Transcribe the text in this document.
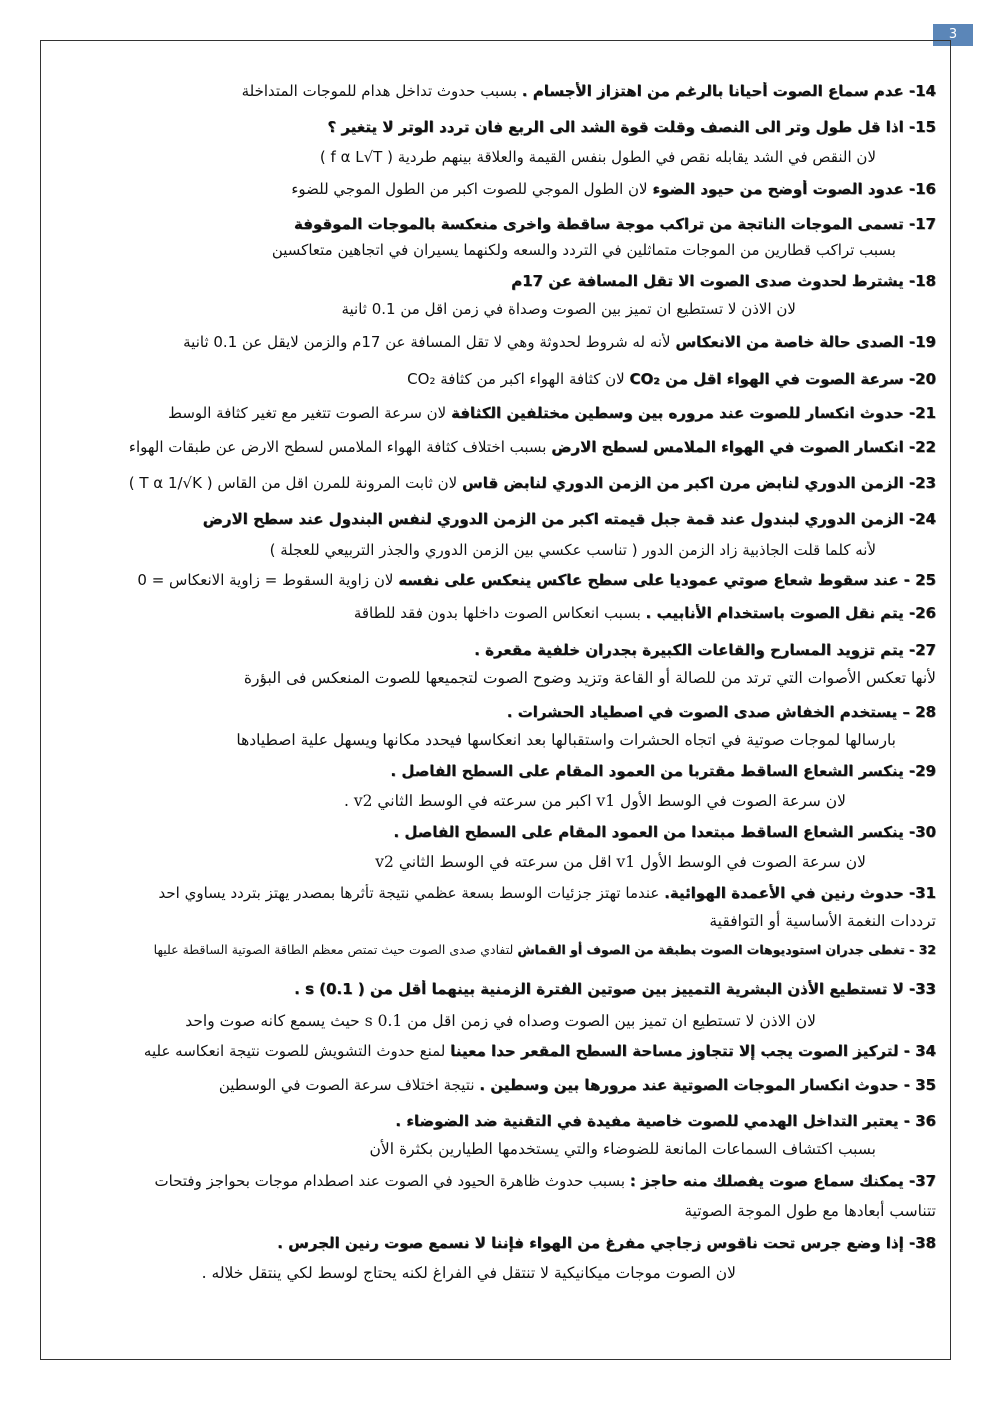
3
14- عدم سماع الصوت أحيانا بالرغم من اهتزاز الأجسام . بسبب حدوث تداخل هدام للموجات المتداخلة
15- اذا قل طول وتر الى النصف وقلت قوة الشد الى الربع فان تردد الوتر لا يتغير ؟
لان النقص في الشد يقابله نقص في الطول بنفس القيمة والعلاقة بينهم طردية ( f α L√T )
16- عدود الصوت أوضح من حيود الضوء لان الطول الموجي للصوت اكبر من الطول الموجي للضوء
17- تسمى الموجات الناتجة من تراكب موجة ساقطة واخرى منعكسة بالموجات الموقوفة
بسبب تراكب قطارين من الموجات متماثلين في التردد والسعه ولكنهما يسيران في اتجاهين متعاكسين
18- يشترط لحدوث صدى الصوت الا تقل المسافة عن 17م
لان الاذن لا تستطيع ان تميز بين الصوت وصداة في زمن اقل من 0.1 ثانية
19- الصدى حالة خاصة من الانعكاس لأنه له شروط لحدوثة وهي لا تقل المسافة عن 17م والزمن لايقل عن 0.1 ثانية
20- سرعة الصوت في الهواء اقل من CO₂ لان كثافة الهواء اكبر من كثافة CO₂
21- حدوث انكسار للصوت عند مروره بين وسطين مختلفين الكثافة لان سرعة الصوت تتغير مع تغير كثافة الوسط
22- انكسار الصوت في الهواء الملامس لسطح الارض بسبب اختلاف كثافة الهواء الملامس لسطح الارض عن طبقات الهواء
23- الزمن الدوري لنابض مرن اكبر من الزمن الدوري لنابض قاس لان ثابت المرونة للمرن اقل من القاس ( T α 1/√K )
24- الزمن الدوري لبندول عند قمة جبل قيمته اكبر من الزمن الدوري لنفس البندول عند سطح الارض
لأنه كلما قلت الجاذبية زاد الزمن الدور ( تناسب عكسي بين الزمن الدوري والجذر التربيعي للعجلة )
25 - عند سقوط شعاع صوتي عموديا على سطح عاكس ينعكس على نفسه لان زاوية السقوط = زاوية الانعكاس = 0
26- يتم نقل الصوت باستخدام الأنابيب . بسبب انعكاس الصوت داخلها بدون فقد للطاقة
27- يتم تزويد المسارح والقاعات الكبيرة بجدران خلفية مقعرة .
لأنها تعكس الأصوات التي ترتد من للصالة أو القاعة وتزيد وضوح الصوت لتجميعها للصوت المنعكس فى البؤرة
28 – يستخدم الخفاش صدى الصوت في اصطياد الحشرات .
بارسالها لموجات صوتية في اتجاه الحشرات واستقبالها بعد انعكاسها فيحدد مكانها ويسهل علية اصطيادها
29- ينكسر الشعاع الساقط مقتربا من العمود المقام على السطح الفاصل .
لان سرعة الصوت في الوسط الأول v1 اكبر من سرعته في الوسط الثاني v2 .
30- ينكسر الشعاع الساقط مبتعدا من العمود المقام على السطح الفاصل .
لان سرعة الصوت في الوسط الأول v1 اقل من سرعته في الوسط الثاني v2
31- حدوث رنين في الأعمدة الهوائية. عندما تهتز جزئيات الوسط بسعة عظمي نتيجة تأثرها بمصدر يهتز بتردد يساوي احد
ترددات النغمة الأساسية أو التوافقية
32 - تغطى جدران استوديوهات الصوت بطبقة من الصوف أو القماش لتفادي صدى الصوت حيث تمتص معظم الطاقة الصوتية الساقطة عليها
33- لا تستطيع الأذن البشرية التمييز بين صوتين الفترة الزمنية بينهما أقل من s (0.1 ) .
لان الاذن لا تستطيع ان تميز بين الصوت وصداه في زمن اقل من 0.1 s حيث يسمع كانه صوت واحد
34 - لتركيز الصوت يجب إلا تتجاوز مساحة السطح المقعر حدا معينا لمنع حدوث التشويش للصوت نتيجة انعكاسه عليه
35 - حدوث انكسار الموجات الصوتية عند مرورها بين وسطين . نتيجة اختلاف سرعة الصوت في الوسطين
36 - يعتبر التداخل الهدمي للصوت خاصية مفيدة في التقنية ضد الضوضاء .
بسبب اكتشاف السماعات المانعة للضوضاء والتي يستخدمها الطيارين بكثرة الأن
37- يمكنك سماع صوت يفصلك منه حاجز : بسبب حدوث ظاهرة الحيود في الصوت عند اصطدام موجات بحواجز وفتحات
تتناسب أبعادها مع طول الموجة الصوتية
38- إذا وضع جرس تحت ناقوس زجاجي مفرغ من الهواء فإننا لا نسمع صوت رنين الجرس .
لان الصوت موجات ميكانيكية لا تنتقل في الفراغ لكنه يحتاج لوسط لكي ينتقل خلاله .
